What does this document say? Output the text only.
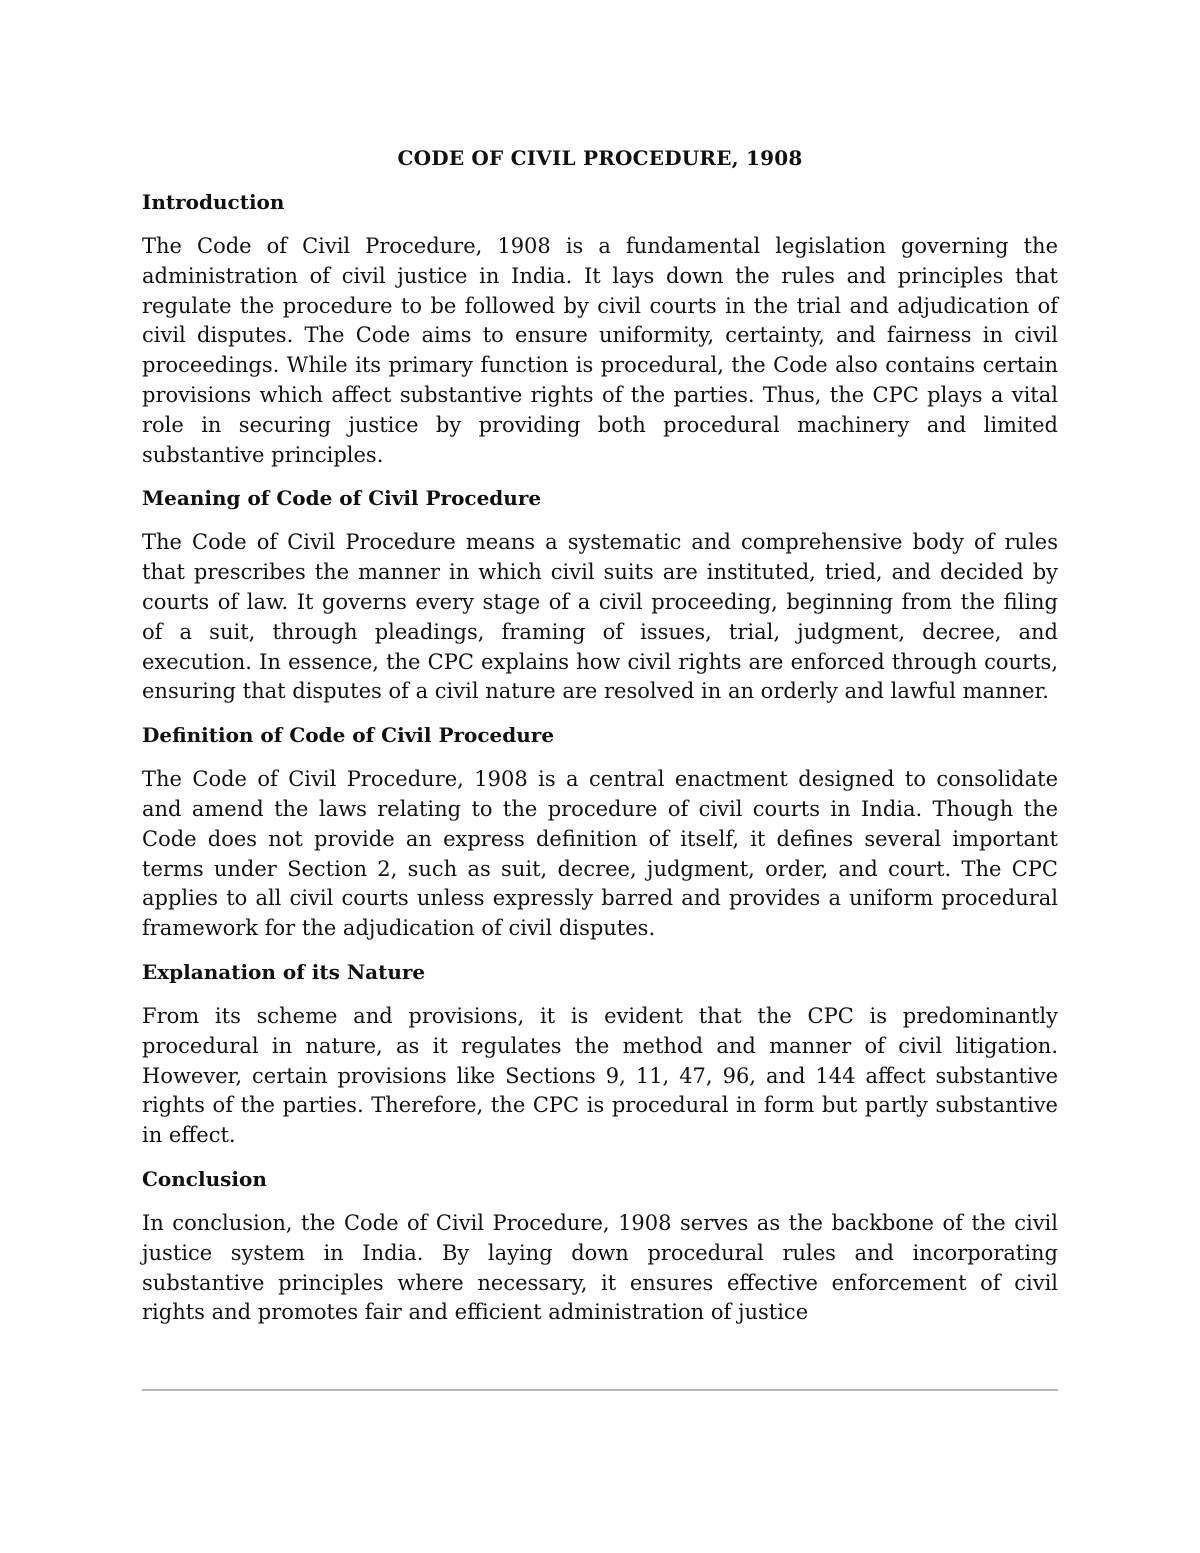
CODE OF CIVIL PROCEDURE, 1908
Introduction

The Code of Civil Procedure, 1908 is a fundamental legislation governing the administration of civil justice in India. It lays down the rules and principles that regulate the procedure to be followed by civil courts in the trial and adjudication of civil disputes. The Code aims to ensure uniformity, certainty, and fairness in civil proceedings. While its primary function is procedural, the Code also contains certain provisions which affect substantive rights of the parties. Thus, the CPC plays a vital role in securing justice by providing both procedural machinery and limited substantive principles.

Meaning of Code of Civil Procedure

The Code of Civil Procedure means a systematic and comprehensive body of rules that prescribes the manner in which civil suits are instituted, tried, and decided by courts of law. It governs every stage of a civil proceeding, beginning from the filing of a suit, through pleadings, framing of issues, trial, judgment, decree, and execution. In essence, the CPC explains how civil rights are enforced through courts, ensuring that disputes of a civil nature are resolved in an orderly and lawful manner.

Definition of Code of Civil Procedure

The Code of Civil Procedure, 1908 is a central enactment designed to consolidate and amend the laws relating to the procedure of civil courts in India. Though the Code does not provide an express definition of itself, it defines several important terms under Section 2, such as suit, decree, judgment, order, and court. The CPC applies to all civil courts unless expressly barred and provides a uniform procedural framework for the adjudication of civil disputes.

Explanation of its Nature

From its scheme and provisions, it is evident that the CPC is predominantly procedural in nature, as it regulates the method and manner of civil litigation. However, certain provisions like Sections 9, 11, 47, 96, and 144 affect substantive rights of the parties. Therefore, the CPC is procedural in form but partly substantive in effect.

Conclusion

In conclusion, the Code of Civil Procedure, 1908 serves as the backbone of the civil justice system in India. By laying down procedural rules and incorporating substantive principles where necessary, it ensures effective enforcement of civil rights and promotes fair and efficient administration of justice
